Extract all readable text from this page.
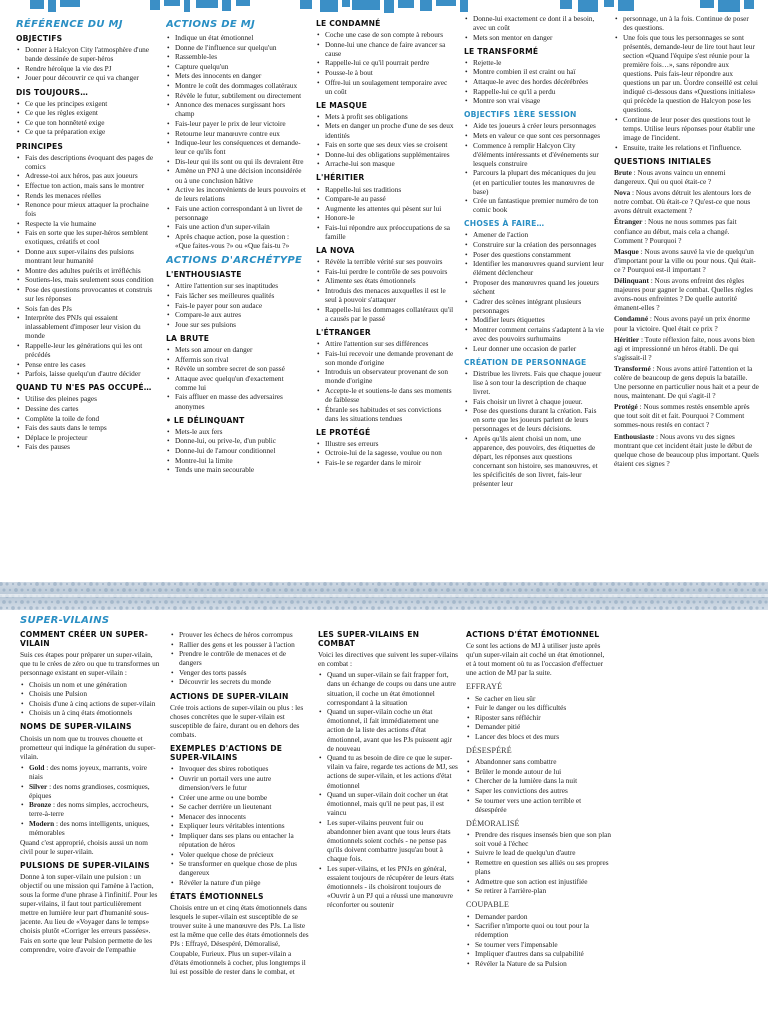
RÉFÉRENCE DU MJ
OBJECTIFS
• Donner à Halcyon City l'atmosphère d'une bande dessinée de super-héros
• Rendre héroïque la vie des PJ
• Jouer pour découvrir ce qui va changer
DIS TOUJOURS…
• Ce que les principes exigent
• Ce que les règles exigent
• Ce que ton honnêteté exige
• Ce que ta préparation exige
PRINCIPES
• Fais des descriptions évoquant des pages de comics
• Adresse-toi aux héros, pas aux joueurs
• Effectue ton action, mais sans le montrer
• Rends les menaces réelles
• Renonce pour mieux attaquer la prochaine fois
• Respecte la vie humaine
• Fais en sorte que les super-héros semblent exotiques, créatifs et cool
• Donne aux super-vilains des pulsions montrant leur humanité
• Montre des adultes puérils et irréfléchis
• Soutiens-les, mais seulement sous condition
• Pose des questions provocantes et construis sur les réponses
• Sois fan des PJs
• Interprète des PNJs qui essaient inlassablement d'imposer leur vision du monde
• Rappelle-leur les générations qui les ont précédés
• Pense entre les cases
• Parfois, laisse quelqu'un d'autre décider
QUAND TU N'ES PAS OCCUPÉ…
• Utilise des pleines pages
• Dessine des cartes
• Complète la toile de fond
• Fais des sauts dans le temps
• Déplace le projecteur
• Fais des pauses
ACTIONS DE MJ
• Indique un état émotionnel
• Donne de l'influence sur quelqu'un
• Rassemble-les
• Capture quelqu'un
• Mets des innocents en danger
• Montre le coût des dommages collatéraux
• Révèle le futur, subtilement ou directement
• Annonce des menaces surgissant hors champ
• Fais-leur payer le prix de leur victoire
• Retourne leur manœuvre contre eux
• Indique-leur les conséquences et demande-leur ce qu'ils font
• Dis-leur qui ils sont ou qui ils devraient être
• Amène un PNJ à une décision inconsidérée ou à une conclusion hâtive
• Active les inconvénients de leurs pouvoirs et de leurs relations
• Fais une action correspondant à un livret de personnage
• Fais une action d'un super-vilain
• Après chaque action, pose la question : «Que faites-vous ?» ou «Que fais-tu ?»
ACTIONS D'ARCHÉTYPE
L'ENTHOUSIASTE
• Attire l'attention sur ses inaptitudes
• Fais lâcher ses meilleures qualités
• Fais-le payer pour son audace
• Compare-le aux autres
• Joue sur ses pulsions
LA BRUTE
• Mets son amour en danger
• Affermis son rival
• Révèle un sombre secret de son passé
• Attaque avec quelqu'un d'exactement comme lui
• Fais affluer en masse des adversaires anonymes
• LE DÉLINQUANT
• Mets-le aux fers
• Donne-lui, ou prive-le, d'un public
• Donne-lui de l'amour conditionnel
• Montre-lui la limite
• Tends une main secourable
LE CONDAMNÉ
• Coche une case de son compte à rebours
• Donne-lui une chance de faire avancer sa cause
• Rappelle-lui ce qu'il pourrait perdre
• Pousse-le à bout
• Offre-lui un soulagement temporaire avec un coût
LE MASQUE
• Mets à profit ses obligations
• Mets en danger un proche d'une de ses deux identités
• Fais en sorte que ses deux vies se croisent
• Donne-lui des obligations supplémentaires
• Arrache-lui son masque
L'HÉRITIER
• Rappelle-lui ses traditions
• Compare-le au passé
• Augmente les attentes qui pèsent sur lui
• Honore-le
• Fais-lui répondre aux préoccupations de sa famille
LA NOVA
• Révèle la terrible vérité sur ses pouvoirs
• Fais-lui perdre le contrôle de ses pouvoirs
• Alimente ses états émotionnels
• Introduis des menaces auxquelles il est le seul à pouvoir s'attaquer
• Rappelle-lui les dommages collatéraux qu'il a causés par le passé
L'ÉTRANGER
• Attire l'attention sur ses différences
• Fais-lui recevoir une demande provenant de son monde d'origine
• Introduis un observateur provenant de son monde d'origine
• Accepte-le et soutiens-le dans ses moments de faiblesse
• Ébranle ses habitudes et ses convictions dans les situations tendues
LE PROTÉGÉ
• Illustre ses erreurs
• Octroie-lui de la sagesse, voulue ou non
• Fais-le se regarder dans le miroir
• Donne-lui exactement ce dont il a besoin, avec un coût
• Mets son mentor en danger
LE TRANSFORMÉ
• Rejette-le
• Montre combien il est craint ou haï
• Attaque-le avec des hordes décérébrées
• Rappelle-lui ce qu'il a perdu
• Montre son vrai visage
OBJECTIFS 1ÈRE SESSION
• Aide tes joueurs à créer leurs personnages
• Mets en valeur ce que sont ces personnages
• Commence à remplir Halcyon City d'éléments intéressants et d'événements sur lesquels construire
• Parcours la plupart des mécaniques du jeu (et en particulier toutes les manœuvres de base)
• Crée un fantastique premier numéro de ton comic book
CHOSES À FAIRE…
• Amener de l'action
• Construire sur la création des personnages
• Poser des questions constamment
• Identifier les manœuvres quand survient leur élément déclencheur
• Proposer des manœuvres quand les joueurs séchent
• Cadrer des scènes intégrant plusieurs personnages
• Modifier leurs étiquettes
• Montrer comment certains s'adaptent à la vie avec des pouvoirs surhumains
• Leur donner une occasion de parler
CRÉATION DE PERSONNAGE
• Distribue les livrets. Fais que chaque joueur lise à son tour la description de chaque livret.
• Fais choisir un livret à chaque joueur.
• Pose des questions durant la création. Fais en sorte que les joueurs parlent de leurs personnages et de leurs décisions.
• Après qu'ils aient choisi un nom, une apparence, des pouvoirs, des étiquettes de départ, les réponses aux questions concernant son histoire, ses manœuvres, et les spécificités de son livret, fais-leur présenter leur
• personnage, un à la fois. Continue de poser des questions.
• Une fois que tous les personnages se sont présentés, demande-leur de lire tout haut leur section «Quand l'équipe s'est réunie pour la première fois…», sans répondre aux questions. Puis fais-leur répondre aux questions un par un. Ùordre conseillé est celui indiqué ci-dessous dans «Questions initiales» qui précède la question de Halcyon pose les questions.
• Continue de leur poser des questions tout le temps. Utilise leurs réponses pour établir une image de l'incident.
• Ensuite, traite les relations et l'influence.
QUESTIONS INITIALES

Brute : Nous avons vaincu un ennemi dangereux. Qui ou quoi était-ce ?

Nova : Nous avons détruit les alentours lors de notre combat. Où était-ce ? Qu'est-ce que nous avons détruit exactement ?

Étranger : Nous ne nous sommes pas fait confiance au début, mais cela a changé. Comment ? Pourquoi ?

Masque : Nous avons sauvé la vie de quelqu'un d'important pour la ville ou pour nous. Qui était-ce ? Pourquoi est-il important ?

Délinquant : Nous avons enfreint des règles majeures pour gagner le combat. Quelles règles avons-nous enfreintes ? De quelle autorité émanent-elles ?

Condamné : Nous avons payé un prix énorme pour la victoire. Quel était ce prix ?

Héritier : Toute réflexion faite, nous avons bien agi et impressionné un héros établi. De qui s'agissait-il ?

Transformé : Nous avons attiré l'attention et la colère de beaucoup de gens depuis la bataille. Une personne en particulier nous hait et a peur de nous, maintenant. De qui s'agit-il ?

Protégé : Nous sommes restés ensemble après que tout soit dit et fait. Pourquoi ? Comment sommes-nous restés en contact ?

Enthousiaste : Nous avons vu des signes montrant que cet incident était juste le début de quelque chose de beaucoup plus important. Quels étaient ces signes ?

SUPER-VILAINS
COMMENT CRÉER UN SUPER-VILAIN

Suis ces étapes pour préparer un super-vilain, que tu le crées de zéro ou que tu transformes un personnage existant en super-vilain :

• Choisis un nom et une génération
• Choisis une Pulsion
• Choisis d'une à cinq actions de super-vilain
• Choisis un à cinq états émotionnels
NOMS DE SUPER-VILAINS

Choisis un nom que tu trouves chouette et prometteur qui indique la génération du super-vilain.

• Gold : des noms joyeux, marrants, voire niais
• Silver : des noms grandioses, cosmiques, épiques
• Bronze : des noms simples, accrocheurs, terre-à-terre
• Modern : des noms intelligents, uniques, mémorables

Quand c'est approprié, choisis aussi un nom civil pour le super-vilain.

PULSIONS DE SUPER-VILAINS

Donne à ton super-vilain une pulsion : un objectif ou une mission qui l'amène à l'action, sous la forme d'une phrase à l'infinitif. Pour les super-vilains, il faut tout particulièrement mettre en lumière leur part d'humanité sous-jacente. Au lieu de «Voyager dans le temps» choisis plutôt «Corriger les erreurs passées». Fais en sorte que leur Pulsion permette de les comprendre, voire d'avoir de l'empathie

• Prouver les échecs de héros corrompus
• Rallier des gens et les pousser à l'action
• Prendre le contrôle de menaces et de dangers
• Venger des torts passés
• Découvrir les secrets du monde
ACTIONS DE SUPER-VILAIN

Crée trois actions de super-vilain ou plus : les choses concrètes que le super-vilain est susceptible de faire, durant ou en dehors des combats.

EXEMPLES D'ACTIONS DE SUPER-VILAINS
• Invoquer des sbires robotiques
• Ouvrir un portail vers une autre dimension/vers le futur
• Créer une arme ou une bombe
• Se cacher derrière un lieutenant
• Menacer des innocents
• Expliquer leurs véritables intentions
• Impliquer dans ses plans ou entacher la réputation de héros
• Voler quelque chose de précieux
• Se transformer en quelque chose de plus dangereux
• Révéler la nature d'un piège
ÉTATS ÉMOTIONNELS

Choisis entre un et cinq états émotionnels dans lesquels le super-vilain est susceptible de se trouver suite à une manœuvre des PJs. La liste est la même que celle des états émotionnels des PJs : Effrayé, Désespéré, Démoralisé, Coupable, Furieux. Plus un super-vilain a d'états émotionnels à cocher, plus longtemps il lui est possible de rester dans le combat, et

LES SUPER-VILAINS EN COMBAT

Voici les directives que suivent les super-vilains en combat :

• Quand un super-vilain se fait frapper fort, dans un échange de coups ou dans une autre situation, il coche un état émotionnel correspondant à la situation
• Quand un super-vilain coche un état émotionnel, il fait immédiatement une action de la liste des actions d'état émotionnel, avant que les PJs puissent agir de nouveau
• Quand tu as besoin de dire ce que le super-vilain va faire, regarde tes actions de MJ, ses actions de super-vilain, et les actions d'état émotionnel
• Quand un super-vilain doit cocher un état émotionnel, mais qu'il ne peut pas, il est vaincu
• Les super-vilains peuvent fuir ou abandonner bien avant que tous leurs états émotionnels soient cochés - ne pense pas qu'ils doivent combattre jusqu'au bout à chaque fois.
• Les super-vilains, et les PNJs en général, essaient toujours de récupérer de leurs états émotionnels - ils choisiront toujours de «Ouvrir à un PJ qui a réussi une manœuvre réconforter ou soutenir
ACTIONS D'ÉTAT ÉMOTIONNEL

Ce sont les actions de MJ à utiliser juste après qu'un super-vilain ait coché un état émotionnel, et à tout moment où tu as l'occasion d'effectuer une action de MJ par la suite.

EFFRAYÉ
• Se cacher en lieu sûr
• Fuir le danger ou les difficultés
• Riposter sans réfléchir
• Demander pitié
• Lancer des blocs et des murs
DÉSESPÉRÉ
• Abandonner sans combattre
• Brûler le monde autour de lui
• Chercher de la lumière dans la nuit
• Saper les convictions des autres
• Se tourner vers une action terrible et désespérée
DÉMORALISÉ
• Prendre des risques insensés bien que son plan soit voué à l'échec
• Suivre le lead de quelqu'un d'autre
• Remettre en question ses alliés ou ses propres plans
• Admettre que son action est injustifiée
• Se retirer à l'arrière-plan
COUPABLE
• Demander pardon
• Sacrifier n'importe quoi ou tout pour la rédemption
• Se tourner vers l'impensable
• Impliquer d'autres dans sa culpabilité
• Révéler la Nature de sa Pulsion
